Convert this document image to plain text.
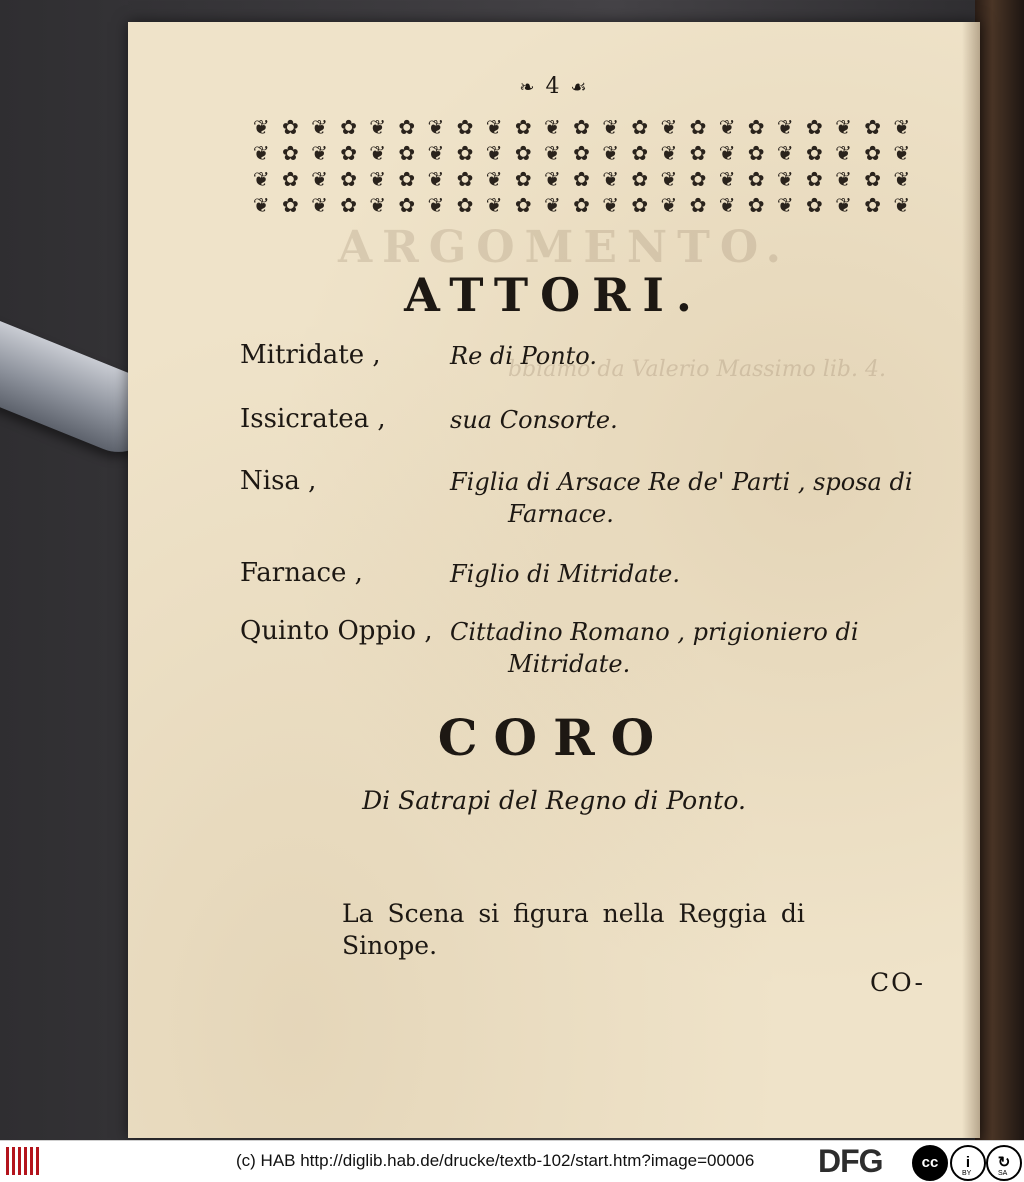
ARGOMENTO.
bbiamo da Valerio Massimo lib. 4.
❧ 4 ☙
❦ ✿ ❦ ✿ ❦ ✿ ❦ ✿ ❦ ✿ ❦ ✿ ❦ ✿ ❦ ✿ ❦ ✿ ❦ ✿ ❦ ✿ ❦
❦ ✿ ❦ ✿ ❦ ✿ ❦ ✿ ❦ ✿ ❦ ✿ ❦ ✿ ❦ ✿ ❦ ✿ ❦ ✿ ❦ ✿ ❦
❦ ✿ ❦ ✿ ❦ ✿ ❦ ✿ ❦ ✿ ❦ ✿ ❦ ✿ ❦ ✿ ❦ ✿ ❦ ✿ ❦ ✿ ❦
❦ ✿ ❦ ✿ ❦ ✿ ❦ ✿ ❦ ✿ ❦ ✿ ❦ ✿ ❦ ✿ ❦ ✿ ❦ ✿ ❦ ✿ ❦
ATTORI.
Mitridate ,	Re di Ponto.
Issicratea ,	sua Consorte.
Nisa ,	Figlia di Arsace Re de' Parti , sposa di
Farnace.
Farnace ,	Figlio di Mitridate.
Quinto Oppio , Cittadino Romano , prigioniero di
Mitridate.
CORO
Di Satrapi del Regno di Ponto.
La Scena si figura nella Reggia di
Sinope.
CO-
(c) HAB http://diglib.hab.de/drucke/textb-102/start.htm?image=00006 DFG	cc	i
BY
↻
SA
